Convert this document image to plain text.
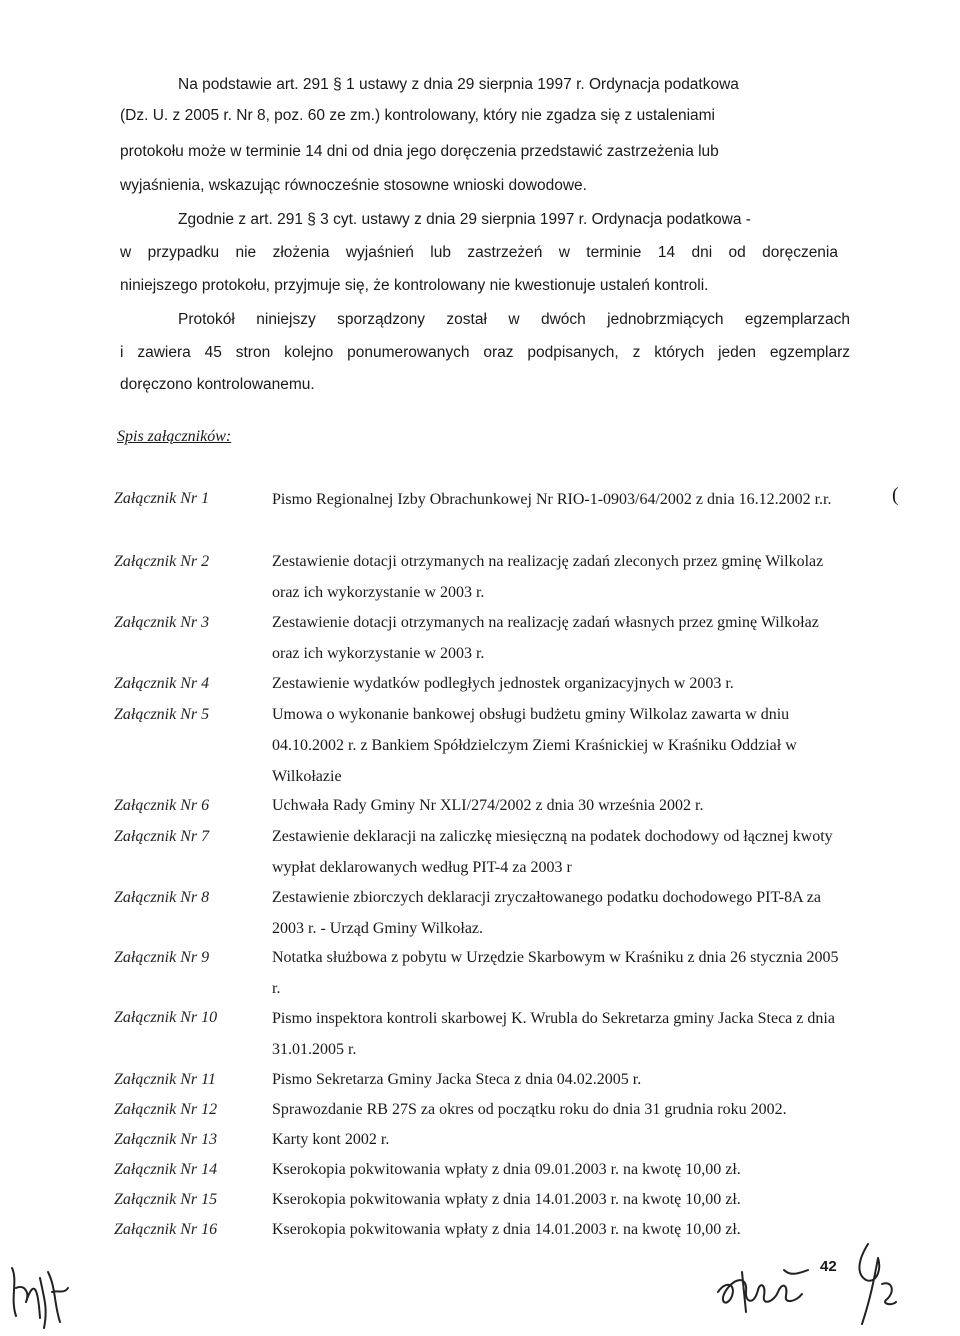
Na podstawie art. 291 § 1 ustawy z dnia 29 sierpnia 1997 r. Ordynacja podatkowa
(Dz. U. z 2005 r. Nr 8, poz. 60 ze zm.) kontrolowany, który nie zgadza się z ustaleniami
protokołu może w terminie 14 dni od dnia jego doręczenia przedstawić zastrzeżenia lub
wyjaśnienia, wskazując równocześnie stosowne wnioski dowodowe.
Zgodnie z art. 291 § 3 cyt. ustawy z dnia 29 sierpnia 1997 r. Ordynacja podatkowa -
w przypadku nie złożenia wyjaśnień lub zastrzeżeń w terminie 14 dni od doręczenia
niniejszego protokołu, przyjmuje się, że kontrolowany nie kwestionuje ustaleń kontroli.
Protokół niniejszy sporządzony został w dwóch jednobrzmiących egzemplarzach
i zawiera 45 stron kolejno ponumerowanych oraz podpisanych, z których jeden egzemplarz
doręczono kontrolowanemu.
Spis załączników:
Załącznik Nr 1	Pismo Regionalnej Izby Obrachunkowej Nr RIO-1-0903/64/2002 z dnia 16.12.2002 r.r.
Załącznik Nr 2	Zestawienie dotacji otrzymanych na realizację zadań zleconych przez gminę Wilkolaz oraz ich wykorzystanie w 2003 r.
Załącznik Nr 3	Zestawienie dotacji otrzymanych na realizację zadań własnych przez gminę Wilkołaz oraz ich wykorzystanie w 2003 r.
Załącznik Nr 4	Zestawienie wydatków podległych jednostek organizacyjnych w 2003 r.
Załącznik Nr 5	Umowa o wykonanie bankowej obsługi budżetu gminy Wilkolaz zawarta w dniu 04.10.2002 r. z Bankiem Spółdzielczym Ziemi Kraśnickiej w Kraśniku Oddział w Wilkołazie
Załącznik Nr 6	Uchwała Rady Gminy Nr XLI/274/2002 z dnia 30 września 2002 r.
Załącznik Nr 7	Zestawienie deklaracji na zaliczkę miesięczną na podatek dochodowy od łącznej kwoty wypłat deklarowanych według PIT-4 za 2003 r
Załącznik Nr 8	Zestawienie zbiorczych deklaracji zryczałtowanego podatku dochodowego PIT-8A za 2003 r. - Urząd Gminy Wilkołaz.
Załącznik Nr 9	Notatka służbowa z pobytu w Urzędzie Skarbowym w Kraśniku z dnia 26 stycznia 2005 r.
Załącznik Nr 10	Pismo inspektora kontroli skarbowej K. Wrubla do Sekretarza gminy Jacka Steca z dnia 31.01.2005 r.
Załącznik Nr 11	Pismo Sekretarza Gminy Jacka Steca z dnia 04.02.2005 r.
Załącznik Nr 12	Sprawozdanie RB 27S za okres od początku roku do dnia 31 grudnia roku 2002.
Załącznik Nr 13	Karty kont 2002 r.
Załącznik Nr 14	Kserokopia pokwitowania wpłaty z dnia 09.01.2003 r. na kwotę 10,00 zł.
Załącznik Nr 15	Kserokopia pokwitowania wpłaty z dnia 14.01.2003 r. na kwotę 10,00 zł.
Załącznik Nr 16	Kserokopia pokwitowania wpłaty z dnia 14.01.2003 r. na kwotę 10,00 zł.
(
42
